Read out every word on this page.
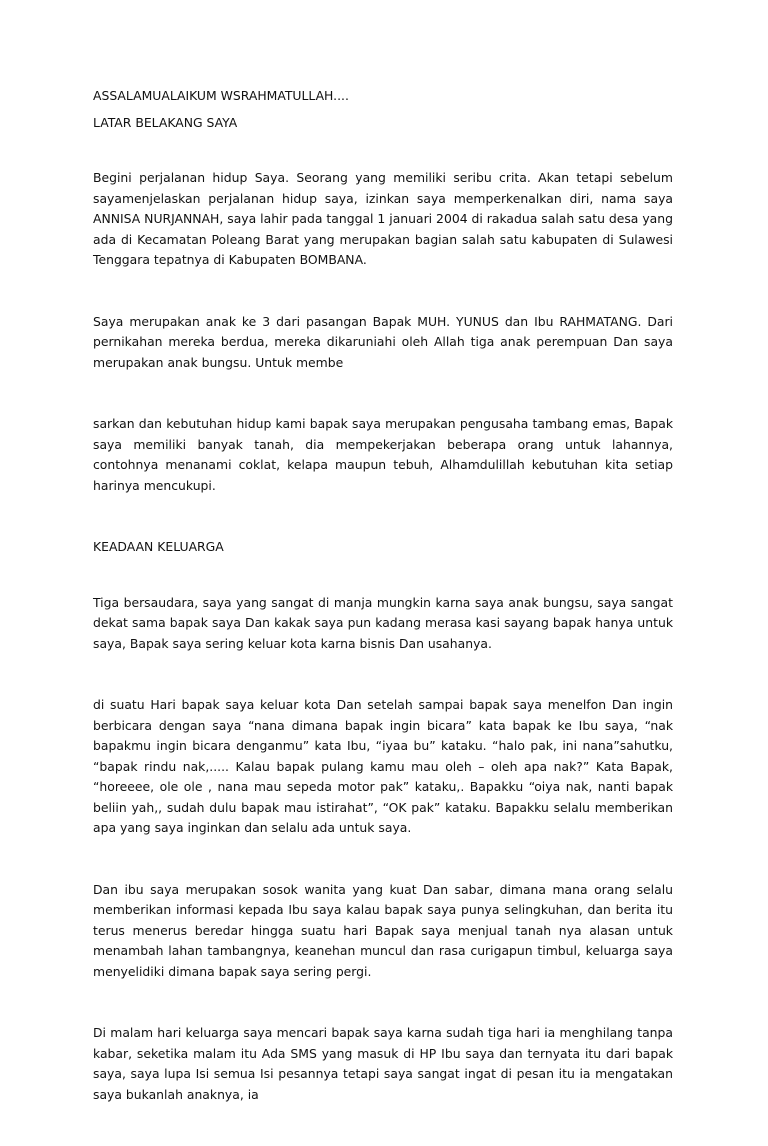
ASSALAMUALAIKUM WSRAHMATULLAH....

LATAR BELAKANG SAYA

Begini perjalanan hidup Saya. Seorang yang memiliki seribu crita. Akan tetapi sebelum sayamenjelaskan perjalanan hidup saya, izinkan saya memperkenalkan diri, nama saya ANNISA NURJANNAH, saya lahir pada tanggal 1 januari 2004 di rakadua salah satu desa yang ada di Kecamatan Poleang Barat yang merupakan bagian salah satu kabupaten di Sulawesi Tenggara tepatnya di Kabupaten BOMBANA.

Saya merupakan anak ke 3 dari pasangan Bapak MUH. YUNUS dan Ibu RAHMATANG. Dari pernikahan mereka berdua, mereka dikaruniahi oleh Allah tiga anak perempuan Dan saya merupakan anak bungsu. Untuk membe

sarkan dan kebutuhan hidup kami bapak saya merupakan pengusaha tambang emas, Bapak saya memiliki banyak tanah, dia mempekerjakan beberapa orang untuk lahannya, contohnya menanami coklat, kelapa maupun tebuh, Alhamdulillah kebutuhan kita setiap harinya mencukupi.

KEADAAN KELUARGA

Tiga bersaudara, saya yang sangat di manja mungkin karna saya anak bungsu, saya sangat dekat sama bapak saya Dan kakak saya pun kadang merasa kasi sayang bapak hanya untuk saya, Bapak saya sering keluar kota karna bisnis Dan usahanya.

di suatu Hari bapak saya keluar kota Dan setelah sampai bapak saya menelfon Dan ingin berbicara dengan saya “nana dimana bapak ingin bicara” kata bapak ke Ibu saya, “nak bapakmu ingin bicara denganmu” kata Ibu, “iyaa bu” kataku. “halo pak, ini nana”sahutku, “bapak rindu nak,..... Kalau bapak pulang kamu mau oleh – oleh apa nak?” Kata Bapak, “horeeee, ole ole , nana mau sepeda motor pak” kataku,. Bapakku “oiya nak, nanti bapak beliin yah,, sudah dulu bapak mau istirahat”, “OK pak” kataku. Bapakku selalu memberikan apa yang saya inginkan dan selalu ada untuk saya.

Dan ibu saya merupakan sosok wanita yang kuat Dan sabar, dimana mana orang selalu memberikan informasi kepada Ibu saya kalau bapak saya punya selingkuhan, dan berita itu terus menerus beredar hingga suatu hari Bapak saya menjual tanah nya alasan untuk menambah lahan tambangnya, keanehan muncul dan rasa curigapun timbul, keluarga saya menyelidiki dimana bapak saya sering pergi.

Di malam hari keluarga saya mencari bapak saya karna sudah tiga hari ia menghilang tanpa kabar, seketika malam itu Ada SMS yang masuk di HP Ibu saya dan ternyata itu dari bapak saya, saya lupa Isi semua Isi pesannya tetapi saya sangat ingat di pesan itu ia mengatakan saya bukanlah anaknya, ia
